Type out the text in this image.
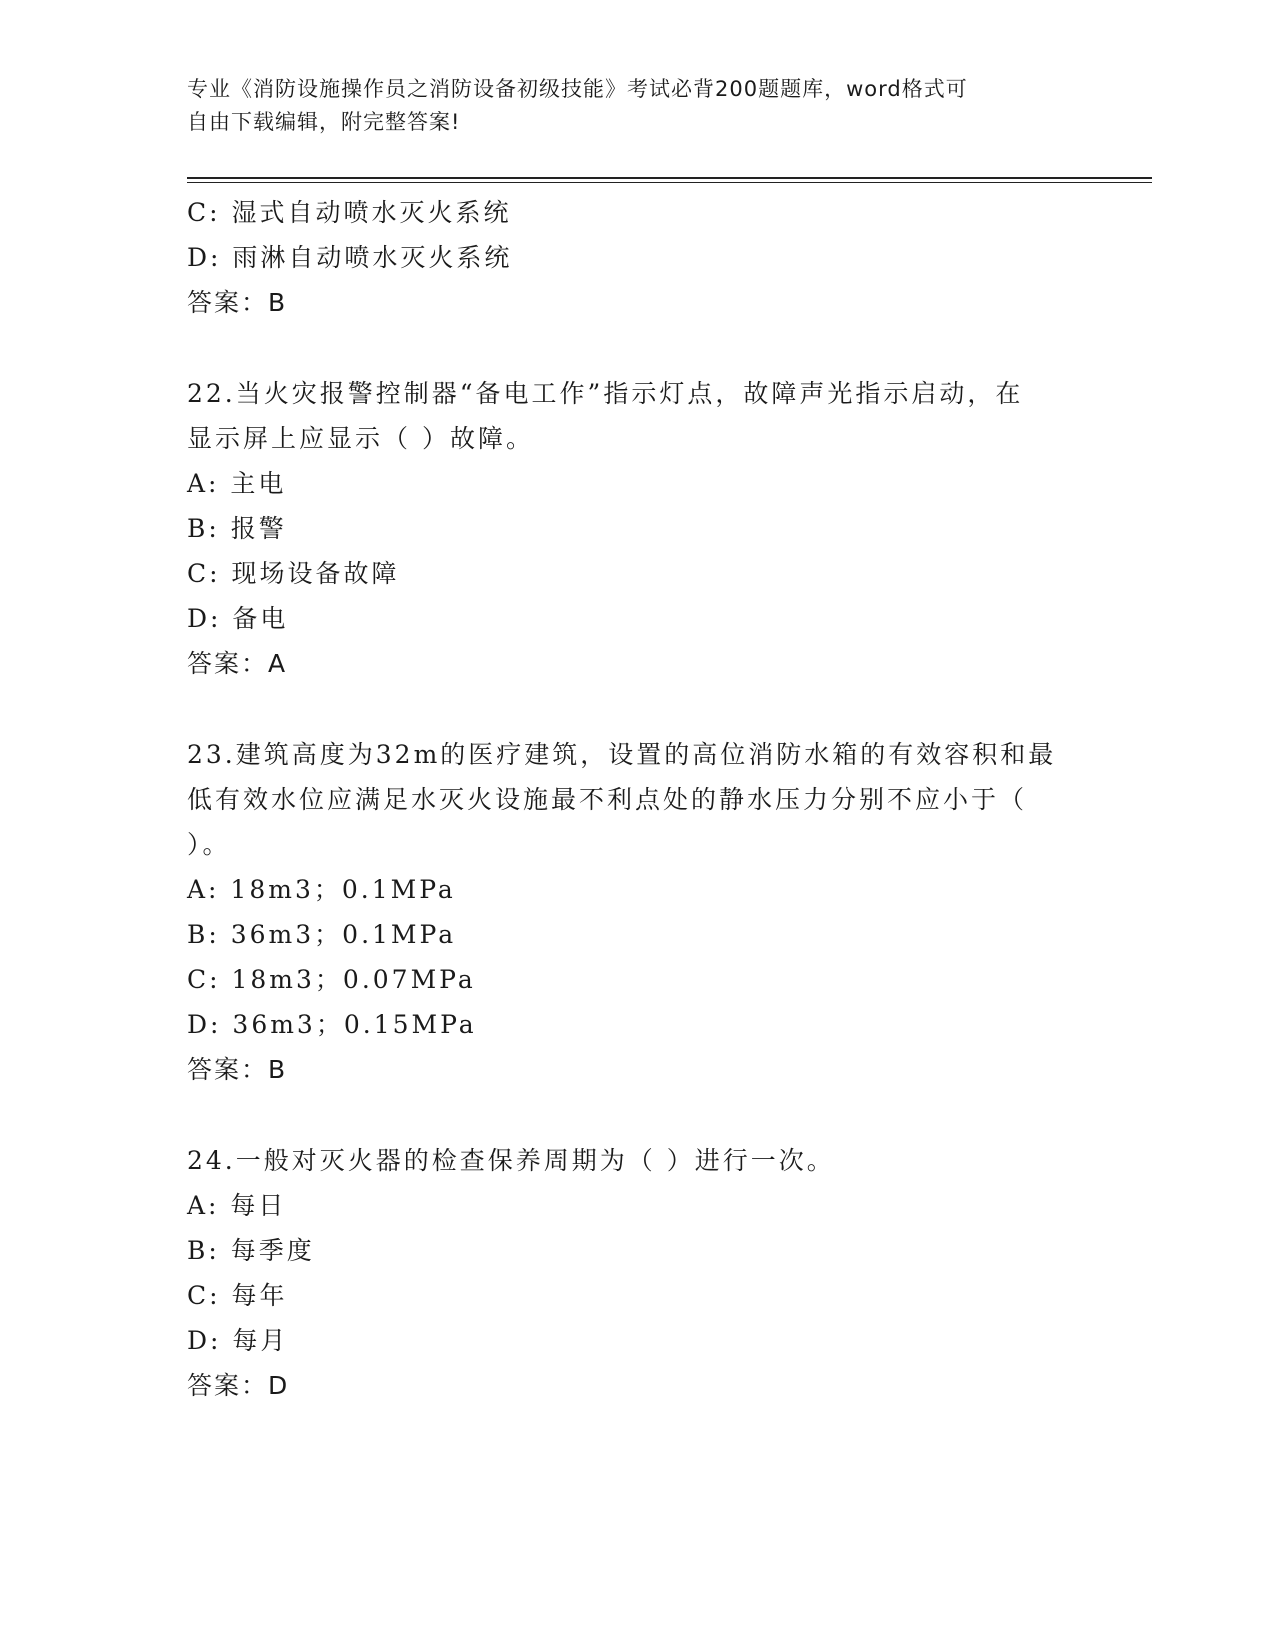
专业《消防设施操作员之消防设备初级技能》考试必背200题题库，word格式可
自由下载编辑，附完整答案!
C: 湿式自动喷水灭火系统
D: 雨淋自动喷水灭火系统
答案：B
22.当火灾报警控制器“备电工作”指示灯点，故障声光指示启动，在
显示屏上应显示（ ）故障。
A: 主电
B: 报警
C: 现场设备故障
D: 备电
答案：A
23.建筑高度为32m的医疗建筑，设置的高位消防水箱的有效容积和最
低有效水位应满足水灭火设施最不利点处的静水压力分别不应小于（
）。
A: 18m3；0.1MPa
B: 36m3；0.1MPa
C: 18m3；0.07MPa
D: 36m3；0.15MPa
答案：B
24.一般对灭火器的检查保养周期为（ ）进行一次。
A: 每日
B: 每季度
C: 每年
D: 每月
答案：D
